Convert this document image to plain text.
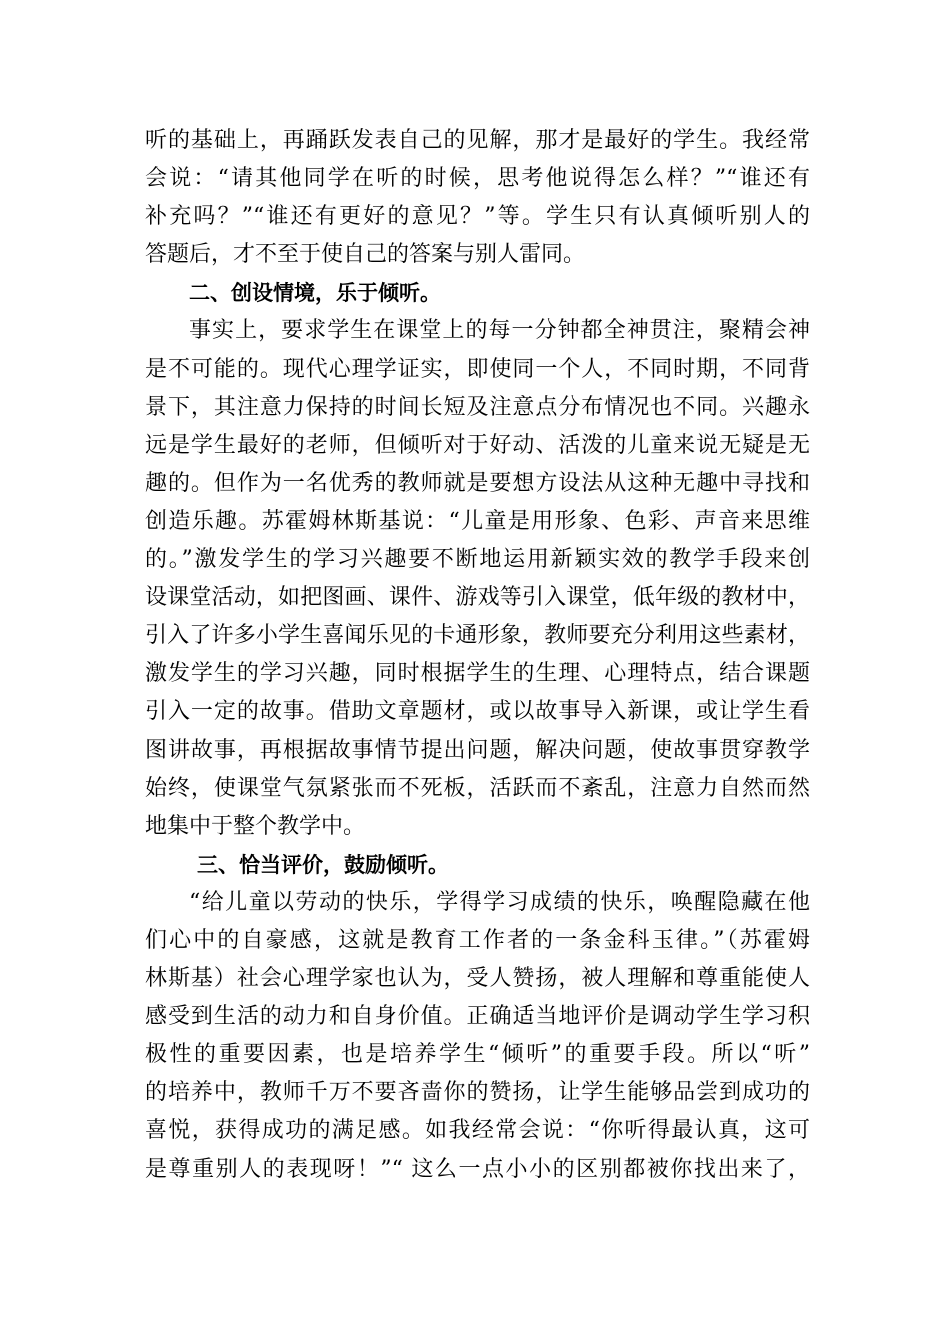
听的基础上，再踊跃发表自己的见解，那才是最好的学生。我经常
会说：“请其他同学在听的时候，思考他说得怎么样？”“谁还有
补充吗？”“谁还有更好的意见？”等。学生只有认真倾听别人的
答题后，才不至于使自己的答案与别人雷同。
二、创设情境，乐于倾听。
事实上，要求学生在课堂上的每一分钟都全神贯注，聚精会神
是不可能的。现代心理学证实，即使同一个人，不同时期，不同背
景下，其注意力保持的时间长短及注意点分布情况也不同。兴趣永
远是学生最好的老师，但倾听对于好动、活泼的儿童来说无疑是无
趣的。但作为一名优秀的教师就是要想方设法从这种无趣中寻找和
创造乐趣。苏霍姆林斯基说：“儿童是用形象、色彩、声音来思维
的。”激发学生的学习兴趣要不断地运用新颖实效的教学手段来创
设课堂活动，如把图画、课件、游戏等引入课堂，低年级的教材中，
引入了许多小学生喜闻乐见的卡通形象，教师要充分利用这些素材，
激发学生的学习兴趣，同时根据学生的生理、心理特点，结合课题
引入一定的故事。借助文章题材，或以故事导入新课，或让学生看
图讲故事，再根据故事情节提出问题，解决问题，使故事贯穿教学
始终，使课堂气氛紧张而不死板，活跃而不紊乱，注意力自然而然
地集中于整个教学中。
三、恰当评价，鼓励倾听。
“给儿童以劳动的快乐，学得学习成绩的快乐，唤醒隐藏在他
们心中的自豪感，这就是教育工作者的一条金科玉律。”（苏霍姆
林斯基）社会心理学家也认为，受人赞扬，被人理解和尊重能使人
感受到生活的动力和自身价值。正确适当地评价是调动学生学习积
极性的重要因素，也是培养学生“倾听”的重要手段。所以“听”
的培养中，教师千万不要吝啬你的赞扬，让学生能够品尝到成功的
喜悦，获得成功的满足感。如我经常会说：“你听得最认真，这可
是尊重别人的表现呀！”“ 这么一点小小的区别都被你找出来了，
